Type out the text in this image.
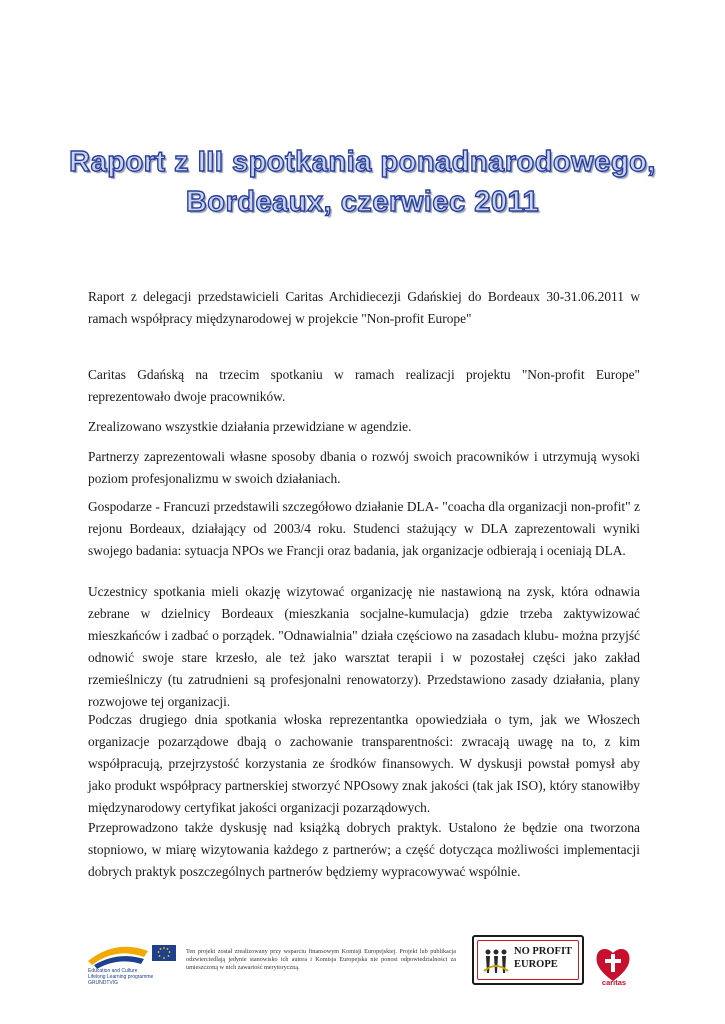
Raport z III spotkania ponadnarodowego,
Bordeaux, czerwiec 2011

Raport z delegacji przedstawicieli Caritas Archidiecezji Gdańskiej do Bordeaux 30-31.06.2011 w ramach współpracy międzynarodowej w projekcie "Non-profit Europe"

Caritas Gdańską na trzecim spotkaniu w ramach realizacji projektu "Non-profit Europe" reprezentowało dwoje pracowników.

Zrealizowano wszystkie działania przewidziane w agendzie.

Partnerzy zaprezentowali własne sposoby dbania o rozwój swoich pracowników i utrzymują wysoki poziom profesjonalizmu w swoich działaniach.

Gospodarze - Francuzi przedstawili szczegółowo działanie DLA- "coacha dla organizacji non-profit" z rejonu Bordeaux, działający od 2003/4 roku. Studenci stażujący w DLA zaprezentowali wyniki swojego badania: sytuacja NPOs we Francji oraz badania, jak organizacje odbierają i oceniają DLA.

Uczestnicy spotkania mieli okazję wizytować organizację nie nastawioną na zysk, która odnawia zebrane w dzielnicy Bordeaux (mieszkania socjalne-kumulacja) gdzie trzeba zaktywizować mieszkańców i zadbać o porządek. "Odnawialnia" działa częściowo na zasadach klubu- można przyjść odnowić swoje stare krzesło, ale też jako warsztat terapii i w pozostałej części jako zakład rzemieślniczy (tu zatrudnieni są profesjonalni renowatorzy). Przedstawiono zasady działania, plany rozwojowe tej organizacji.

Podczas drugiego dnia spotkania włoska reprezentantka opowiedziała o tym, jak we Włoszech organizacje pozarządowe dbają o zachowanie transparentności: zwracają uwagę na to, z kim współpracują, przejrzystość korzystania ze środków finansowych. W dyskusji powstał pomysł aby jako produkt współpracy partnerskiej stworzyć NPOsowy znak jakości (tak jak ISO), który stanowiłby międzynarodowy certyfikat jakości organizacji pozarządowych.

Przeprowadzono także dyskusję nad książką dobrych praktyk. Ustalono że będzie ona tworzona stopniowo, w miarę wizytowania każdego z partnerów; a część dotycząca możliwości implementacji dobrych praktyk poszczególnych partnerów będziemy wypracowywać wspólnie.

Education and Culture
Lifelong Learning programme
GRUNDTVIG
Ten projekt został zrealizowany przy wsparciu finansowym Komisji Europejskiej. Projekt lub publikacja odzwierciedlają jedynie stanowisko ich autora i Komisja Europejska nie ponosi odpowiedzialności za umieszczoną w nich zawartość merytoryczną.
NO PROFIT
EUROPE
caritas
